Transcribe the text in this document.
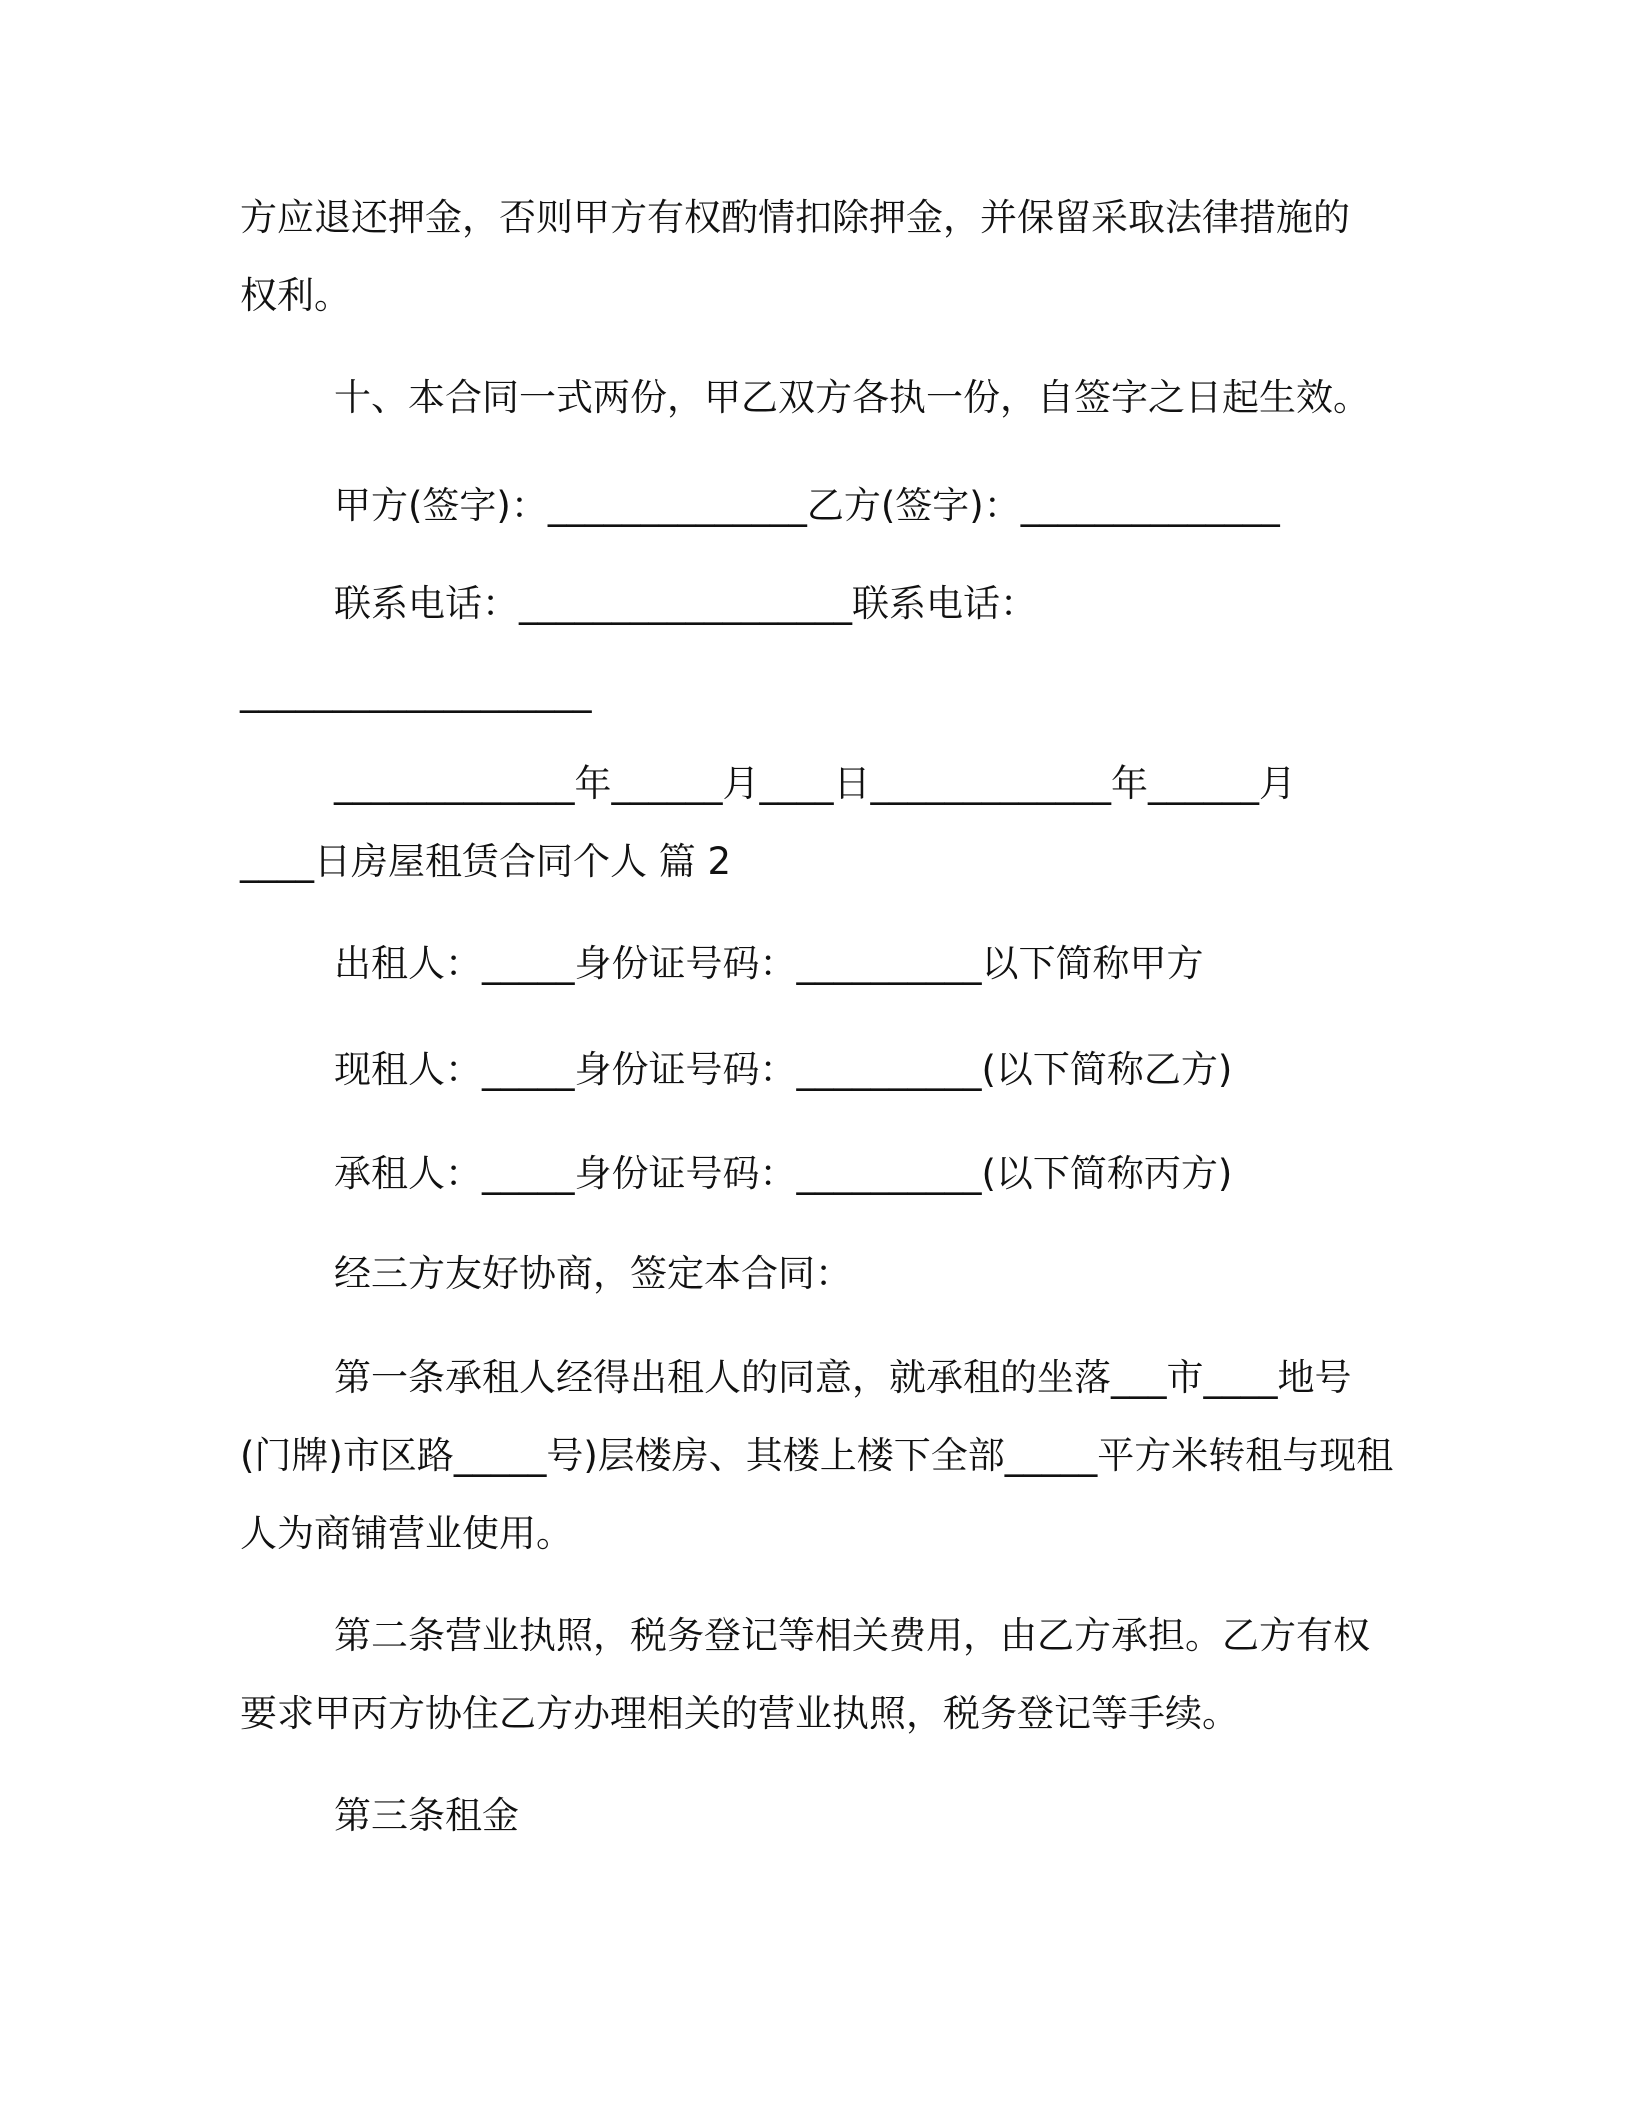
方应退还押金，否则甲方有权酌情扣除押金，并保留采取法律措施的
权利。
十、本合同一式两份，甲乙双方各执一份，自签字之日起生效。
甲方(签字)：______________乙方(签字)：______________
联系电话：__________________联系电话：
___________________
_____________年______月____日_____________年______月
____日房屋租赁合同个人 篇 2
出租人：_____身份证号码：__________以下简称甲方
现租人：_____身份证号码：__________(以下简称乙方)
承租人：_____身份证号码：__________(以下简称丙方)
经三方友好协商，签定本合同：
第一条承租人经得出租人的同意，就承租的坐落___市____地号
(门牌)市区路_____号)层楼房、其楼上楼下全部_____平方米转租与现租
人为商铺营业使用。
第二条营业执照，税务登记等相关费用，由乙方承担。乙方有权
要求甲丙方协住乙方办理相关的营业执照，税务登记等手续。
第三条租金
